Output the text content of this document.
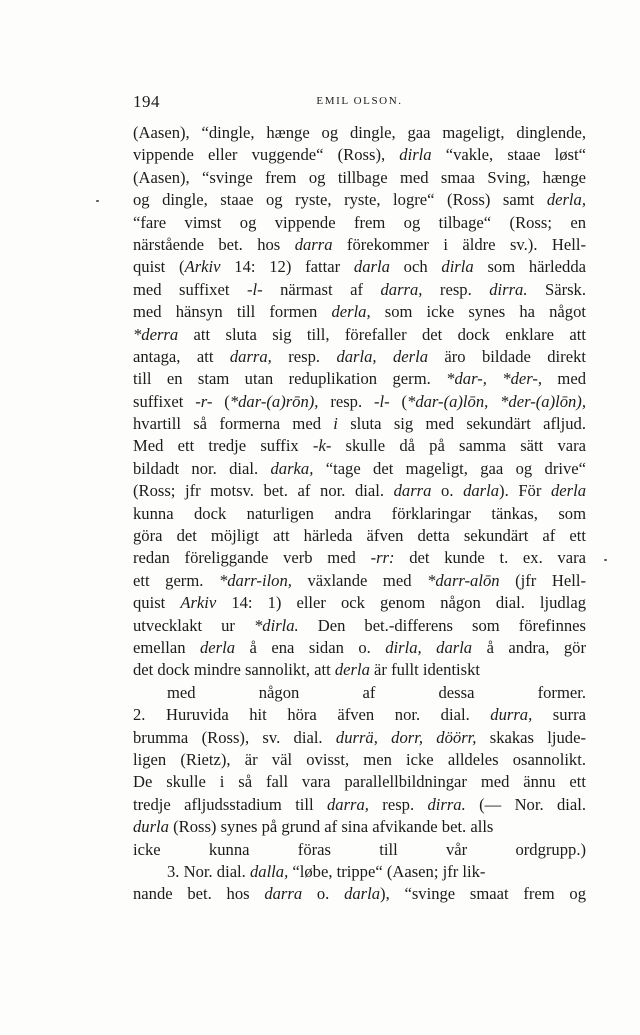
194	EMIL OLSON.
(Aasen), “dingle, hænge og dingle, gaa mageligt, dinglende,
vippende eller vuggende“ (Ross), dirla “vakle, staae løst“
(Aasen), “svinge frem og tillbage med smaa Sving, hænge
og dingle, staae og ryste, ryste, logre“ (Ross) samt derla,
“fare vimst og vippende frem og tilbage“ (Ross; en
närstående bet. hos darra förekommer i äldre sv.). Hell-
quist (Arkiv 14: 12) fattar darla och dirla som härledda
med suffixet -l- närmast af darra, resp. dirra. Särsk.
med hänsyn till formen derla, som icke synes ha något
*derra att sluta sig till, förefaller det dock enklare att
antaga, att darra, resp. darla, derla äro bildade direkt
till en stam utan reduplikation germ. *dar-, *der-, med
suffixet -r- (*dar-(a)rōn), resp. -l- (*dar-(a)lōn, *der-(a)lōn),
hvartill så formerna med i sluta sig med sekundärt afljud.
Med ett tredje suffix -k- skulle då på samma sätt vara
bildadt nor. dial. darka, “tage det mageligt, gaa og drive“
(Ross; jfr motsv. bet. af nor. dial. darra o. darla). För derla
kunna dock naturligen andra förklaringar tänkas, som
göra det möjligt att härleda äfven detta sekundärt af ett
redan föreliggande verb med -rr: det kunde t. ex. vara
ett germ. *darr-ilon, växlande med *darr-alōn (jfr Hell-
quist Arkiv 14: 1) eller ock genom någon dial. ljudlag
utvecklakt ur *dirla. Den bet.-differens som förefinnes
emellan derla å ena sidan o. dirla, darla å andra, gör
det dock mindre sannolikt, att derla är fullt identiskt
med någon af dessa former.
2. Huruvida hit höra äfven nor. dial. durra, surra
brumma (Ross), sv. dial. durrä, dorr, döörr, skakas ljude-
ligen (Rietz), är väl ovisst, men icke alldeles osannolikt.
De skulle i så fall vara parallellbildningar med ännu ett
tredje afljudsstadium till darra, resp. dirra. (— Nor. dial.
durla (Ross) synes på grund af sina afvikande bet. alls
icke kunna föras till vår ordgrupp.)
3. Nor. dial. dalla, “løbe, trippe“ (Aasen; jfr lik-
nande bet. hos darra o. darla), “svinge smaat frem og
